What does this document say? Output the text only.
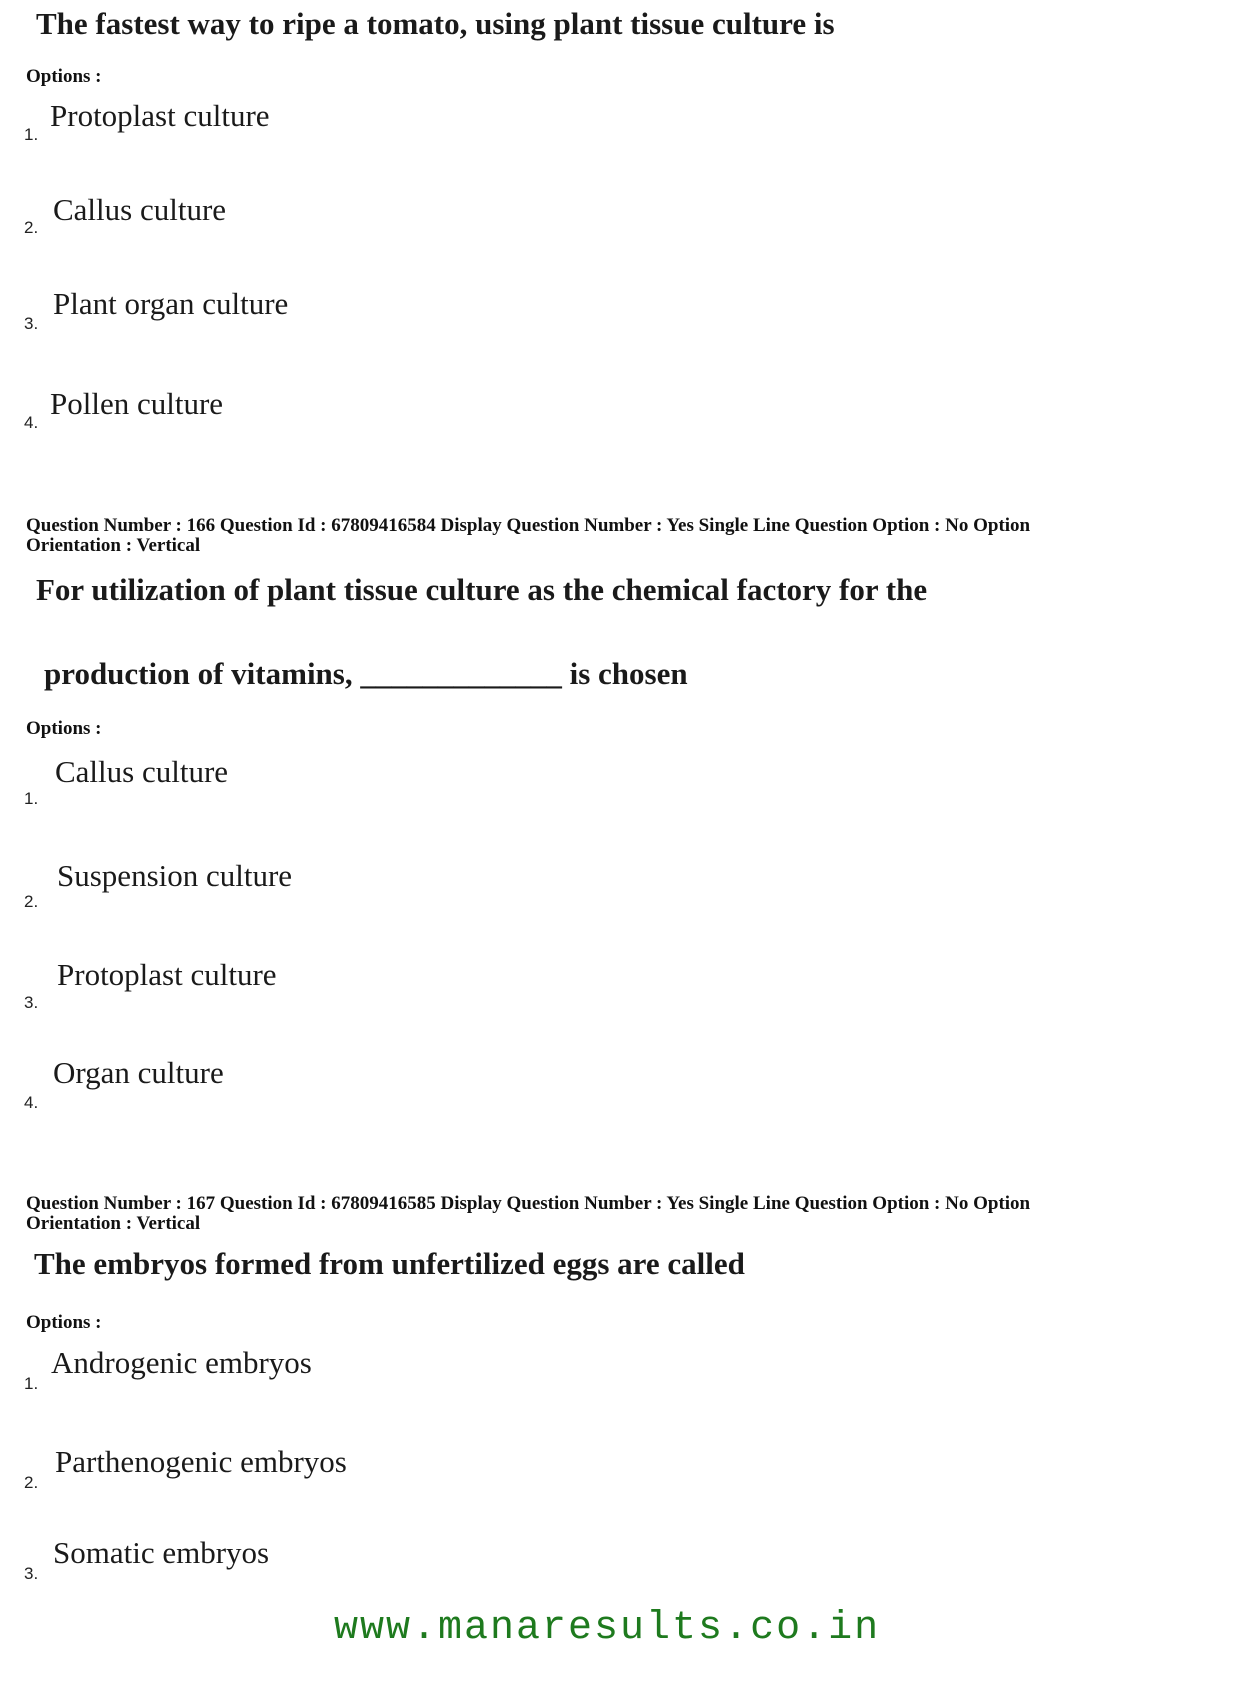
The fastest way to ripe a tomato, using plant tissue culture is
Options :
1.
Protoplast culture
2.
Callus culture
3.
Plant organ culture
4.
Pollen culture
Question Number : 166 Question Id : 67809416584 Display Question Number : Yes Single Line Question Option : No Option
Orientation : Vertical
For utilization of plant tissue culture as the chemical factory for the
production of vitamins, _____________ is chosen
Options :
1.
Callus culture
2.
Suspension culture
3.
Protoplast culture
4.
Organ culture
Question Number : 167 Question Id : 67809416585 Display Question Number : Yes Single Line Question Option : No Option
Orientation : Vertical
The embryos formed from unfertilized eggs are called
Options :
1.
Androgenic embryos
2.
Parthenogenic embryos
3.
Somatic embryos
www.manaresults.co.in
